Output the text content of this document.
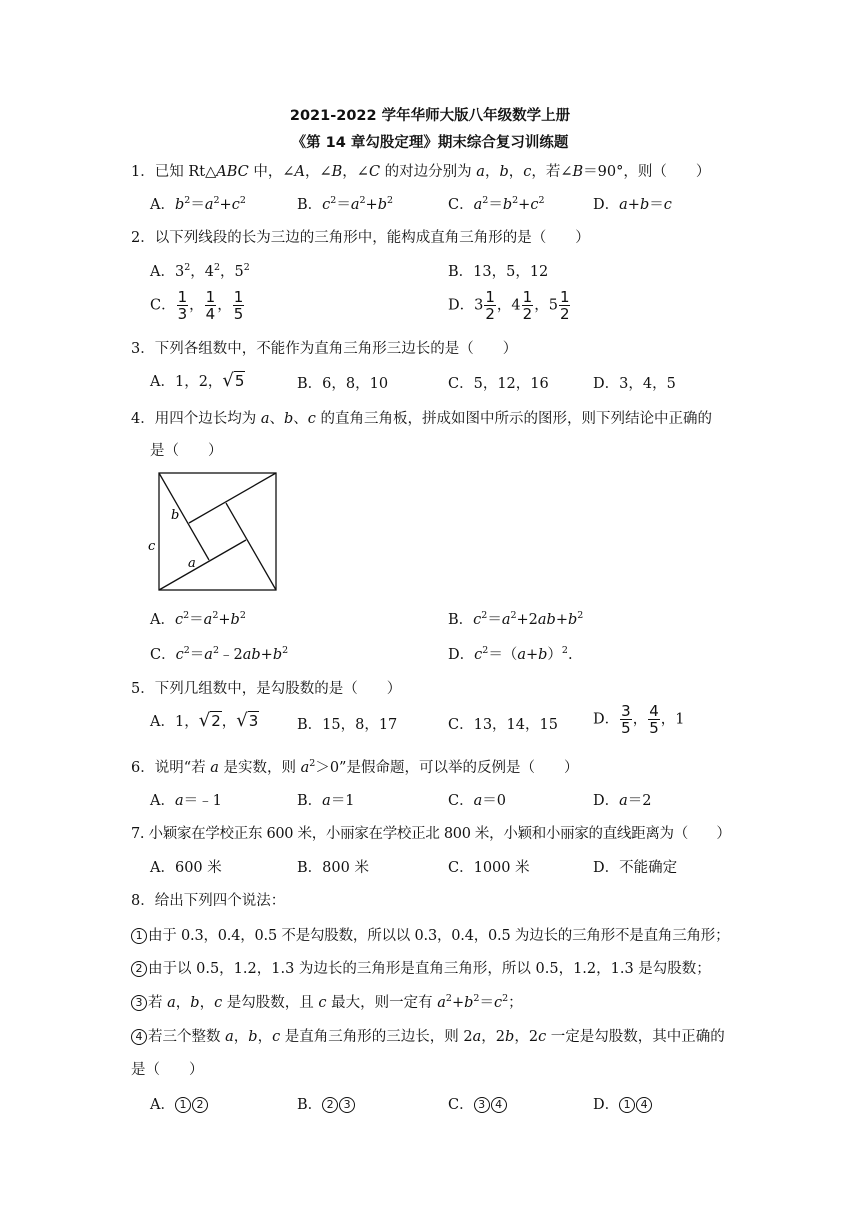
2021-2022 学年华师大版八年级数学上册
《第 14 章勾股定理》期末综合复习训练题
1．已知 Rt△ABC 中，∠A，∠B，∠C 的对边分别为 a，b，c，若∠B＝90°，则（　　）
A．$b^2=a^2+c^2$	B．$c^2=a^2+b^2$	C．$a^2=b^2+c^2$	D．a+b＝c
2．以下列线段的长为三边的三角形中，能构成直角三角形的是（　　）
A．$3^2$，$4^2$，$5^2$	B．13，5，12
C． $\frac{1}{3}$ ， $\frac{1}{4}$ ， $\frac{1}{5}$	D．$3 \frac{1}{2}$ ，$4 \frac{1}{2}$ ，$5 \frac{1}{2}$
3．下列各组数中，不能作为直角三角形三边长的是（　　）
A．1，2，√5	B．6，8，10	C．5，12，16	D．3，4，5
4．用四个边长均为 a、b、c 的直角三角板，拼成如图中所示的图形，则下列结论中正确的
是（　　）
b
a
c
A．$c^2=a^2+b^2$	B．$c^2=a^2+2ab+b^2$
C．$c^2=a^2﹣2ab+b^2$	D．$c^2=(a+b)^2$.
5．下列几组数中，是勾股数的是（　　）
A．1，√2，√3	B．15，8，17	C．13，14，15 D． $\frac{3}{5}$ ， $\frac{4}{5}$ ，1
6．说明“若 a 是实数，则 $a^2>0$”是假命题，可以举的反例是（　　）
A．a＝﹣1	B．a＝1	C．a＝0	D．a＝2
7. 小颖家在学校正东 600 米，小丽家在学校正北 800 米，小颖和小丽家的直线距离为（　　）
A．600 米	B．800 米	C．1000 米	D．不能确定
8．给出下列四个说法：
1 由于 0.3，0.4，0.5 不是勾股数，所以以 0.3，0.4，0.5 为边长的三角形不是直角三角形；
2 由于以 0.5，1.2，1.3 为边长的三角形是直角三角形，所以 0.5，1.2，1.3 是勾股数；
3 若 a，b，c 是勾股数，且 c 最大，则一定有 $a^2+b^2=c^2$；
4 若三个整数 a，b，c 是直角三角形的三边长，则 2a，2b，2c 一定是勾股数，其中正确的
是（　　）
A． 1 2	B． 2 3	C． 3 4	D． 1 4
